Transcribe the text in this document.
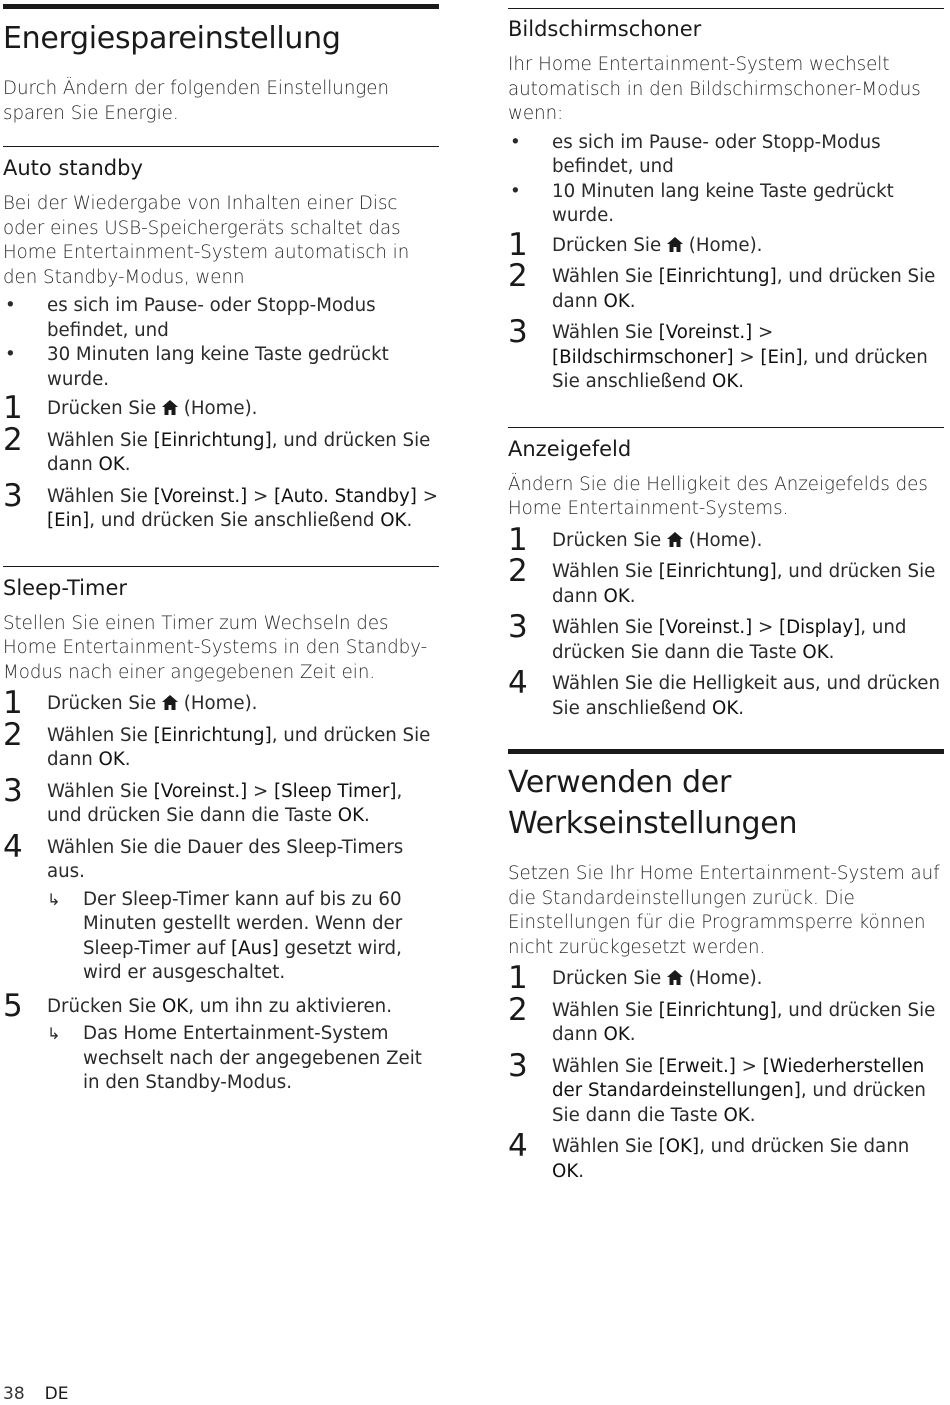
Energiespareinstellung

Durch Ändern der folgenden Einstellungen sparen Sie Energie.

Auto standby

Bei der Wiedergabe von Inhalten einer Disc oder eines USB-Speichergeräts schaltet das Home Entertainment-System automatisch in den Standby-Modus, wenn

• es sich im Pause- oder Stopp-Modus befindet, und
• 30 Minuten lang keine Taste gedrückt wurde.
1 Drücken Sie (Home).
2 Wählen Sie [Einrichtung], und drücken Sie dann OK.
3 Wählen Sie [Voreinst.] > [Auto. Standby] > [Ein], und drücken Sie anschließend OK.
Sleep-Timer

Stellen Sie einen Timer zum Wechseln des Home Entertainment-Systems in den Standby-Modus nach einer angegebenen Zeit ein.

1 Drücken Sie (Home).
2 Wählen Sie [Einrichtung], und drücken Sie dann OK.
3 Wählen Sie [Voreinst.] > [Sleep Timer], und drücken Sie dann die Taste OK.
4 Wählen Sie die Dauer des Sleep-Timers aus.
↳ Der Sleep-Timer kann auf bis zu 60 Minuten gestellt werden. Wenn der Sleep-Timer auf [Aus] gesetzt wird, wird er ausgeschaltet.
5 Drücken Sie OK, um ihn zu aktivieren.
↳ Das Home Entertainment-System wechselt nach der angegebenen Zeit in den Standby-Modus.
Bildschirmschoner

Ihr Home Entertainment-System wechselt automatisch in den Bildschirmschoner-Modus wenn:

• es sich im Pause- oder Stopp-Modus befindet, und
• 10 Minuten lang keine Taste gedrückt wurde.
1 Drücken Sie (Home).
2 Wählen Sie [Einrichtung], und drücken Sie dann OK.
3 Wählen Sie [Voreinst.] > [Bildschirmschoner] > [Ein], und drücken Sie anschließend OK.
Anzeigefeld

Ändern Sie die Helligkeit des Anzeigefelds des Home Entertainment-Systems.

1 Drücken Sie (Home).
2 Wählen Sie [Einrichtung], und drücken Sie dann OK.
3 Wählen Sie [Voreinst.] > [Display], und drücken Sie dann die Taste OK.
4 Wählen Sie die Helligkeit aus, und drücken Sie anschließend OK.
Verwenden der
Werkseinstellungen

Setzen Sie Ihr Home Entertainment-System auf die Standardeinstellungen zurück. Die Einstellungen für die Programmsperre können nicht zurückgesetzt werden.

1 Drücken Sie (Home).
2 Wählen Sie [Einrichtung], und drücken Sie dann OK.
3 Wählen Sie [Erweit.] > [Wiederherstellen der Standardeinstellungen], und drücken Sie dann die Taste OK.
4 Wählen Sie [OK], und drücken Sie dann OK.
38 DE
